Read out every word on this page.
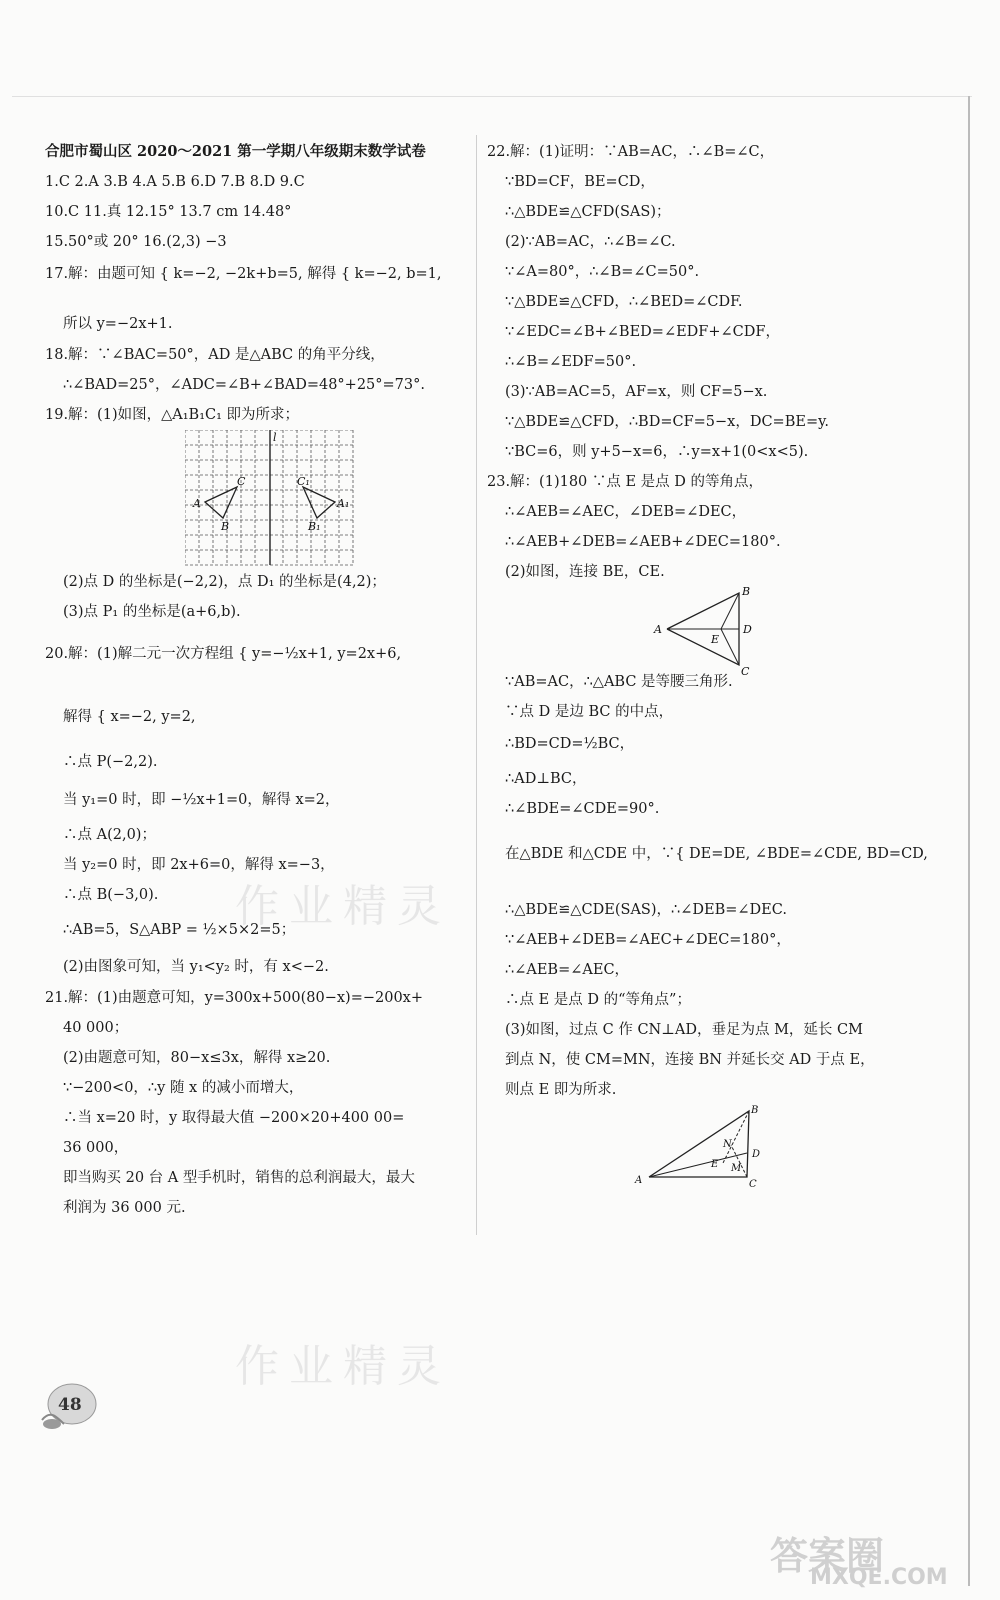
合肥市蜀山区 2020～2021 第一学期八年级期末数学试卷
1.C 2.A 3.B 4.A 5.B 6.D 7.B 8.D 9.C
10.C 11.真 12.15° 13.7 cm 14.48°
15.50°或 20° 16.(2,3) −3
17.解：由题可知 { k=−2, −2k+b=5, 解得 { k=−2, b=1,
所以 y=−2x+1.
18.解：∵∠BAC=50°，AD 是△ABC 的角平分线，
∴∠BAD=25°，∠ADC=∠B+∠BAD=48°+25°=73°.
19.解：(1)如图，△A₁B₁C₁ 即为所求；
l
A
B
C
A₁
B₁
C₁
(2)点 D 的坐标是(−2,2)，点 D₁ 的坐标是(4,2)；
(3)点 P₁ 的坐标是(a+6,b).
20.解：(1)解二元一次方程组 { y=−½x+1, y=2x+6,
解得 { x=−2, y=2,
∴点 P(−2,2).
当 y₁=0 时，即 −½x+1=0，解得 x=2，
∴点 A(2,0)；
当 y₂=0 时，即 2x+6=0，解得 x=−3，
∴点 B(−3,0).
∴AB=5，S△ABP = ½×5×2=5；
(2)由图象可知，当 y₁<y₂ 时，有 x<−2.
21.解：(1)由题意可知，y=300x+500(80−x)=−200x+
40 000；
(2)由题意可知，80−x≤3x，解得 x≥20.
∵−200<0，∴y 随 x 的减小而增大，
∴当 x=20 时，y 取得最大值 −200×20+400 00=
36 000，
即当购买 20 台 A 型手机时，销售的总利润最大，最大
利润为 36 000 元.
22.解：(1)证明：∵AB=AC，∴∠B=∠C，
∵BD=CF，BE=CD，
∴△BDE≌△CFD(SAS)；
(2)∵AB=AC，∴∠B=∠C.
∵∠A=80°，∴∠B=∠C=50°.
∵△BDE≌△CFD，∴∠BED=∠CDF.
∵∠EDC=∠B+∠BED=∠EDF+∠CDF，
∴∠B=∠EDF=50°.
(3)∵AB=AC=5，AF=x，则 CF=5−x.
∵△BDE≌△CFD，∴BD=CF=5−x，DC=BE=y.
∵BC=6，则 y+5−x=6，∴y=x+1(0<x<5).
23.解：(1)180 ∵点 E 是点 D 的等角点，
∴∠AEB=∠AEC，∠DEB=∠DEC，
∴∠AEB+∠DEB=∠AEB+∠DEC=180°.
(2)如图，连接 BE，CE.
A
B
C
D
E
∵AB=AC，∴△ABC 是等腰三角形.
∵点 D 是边 BC 的中点，
∴BD=CD=½BC，
∴AD⊥BC，
∴∠BDE=∠CDE=90°.
在△BDE 和△CDE 中，∵{ DE=DE, ∠BDE=∠CDE, BD=CD,
∴△BDE≌△CDE(SAS)，∴∠DEB=∠DEC.
∵∠AEB+∠DEB=∠AEC+∠DEC=180°，
∴∠AEB=∠AEC，
∴点 E 是点 D 的“等角点”；
(3)如图，过点 C 作 CN⊥AD，垂足为点 M，延长 CM
到点 N，使 CM=MN，连接 BN 并延长交 AD 于点 E，
则点 E 即为所求.
A
B
C
D
E M
N
作业精灵
作业精灵
48
答案圈
MXQE.COM
